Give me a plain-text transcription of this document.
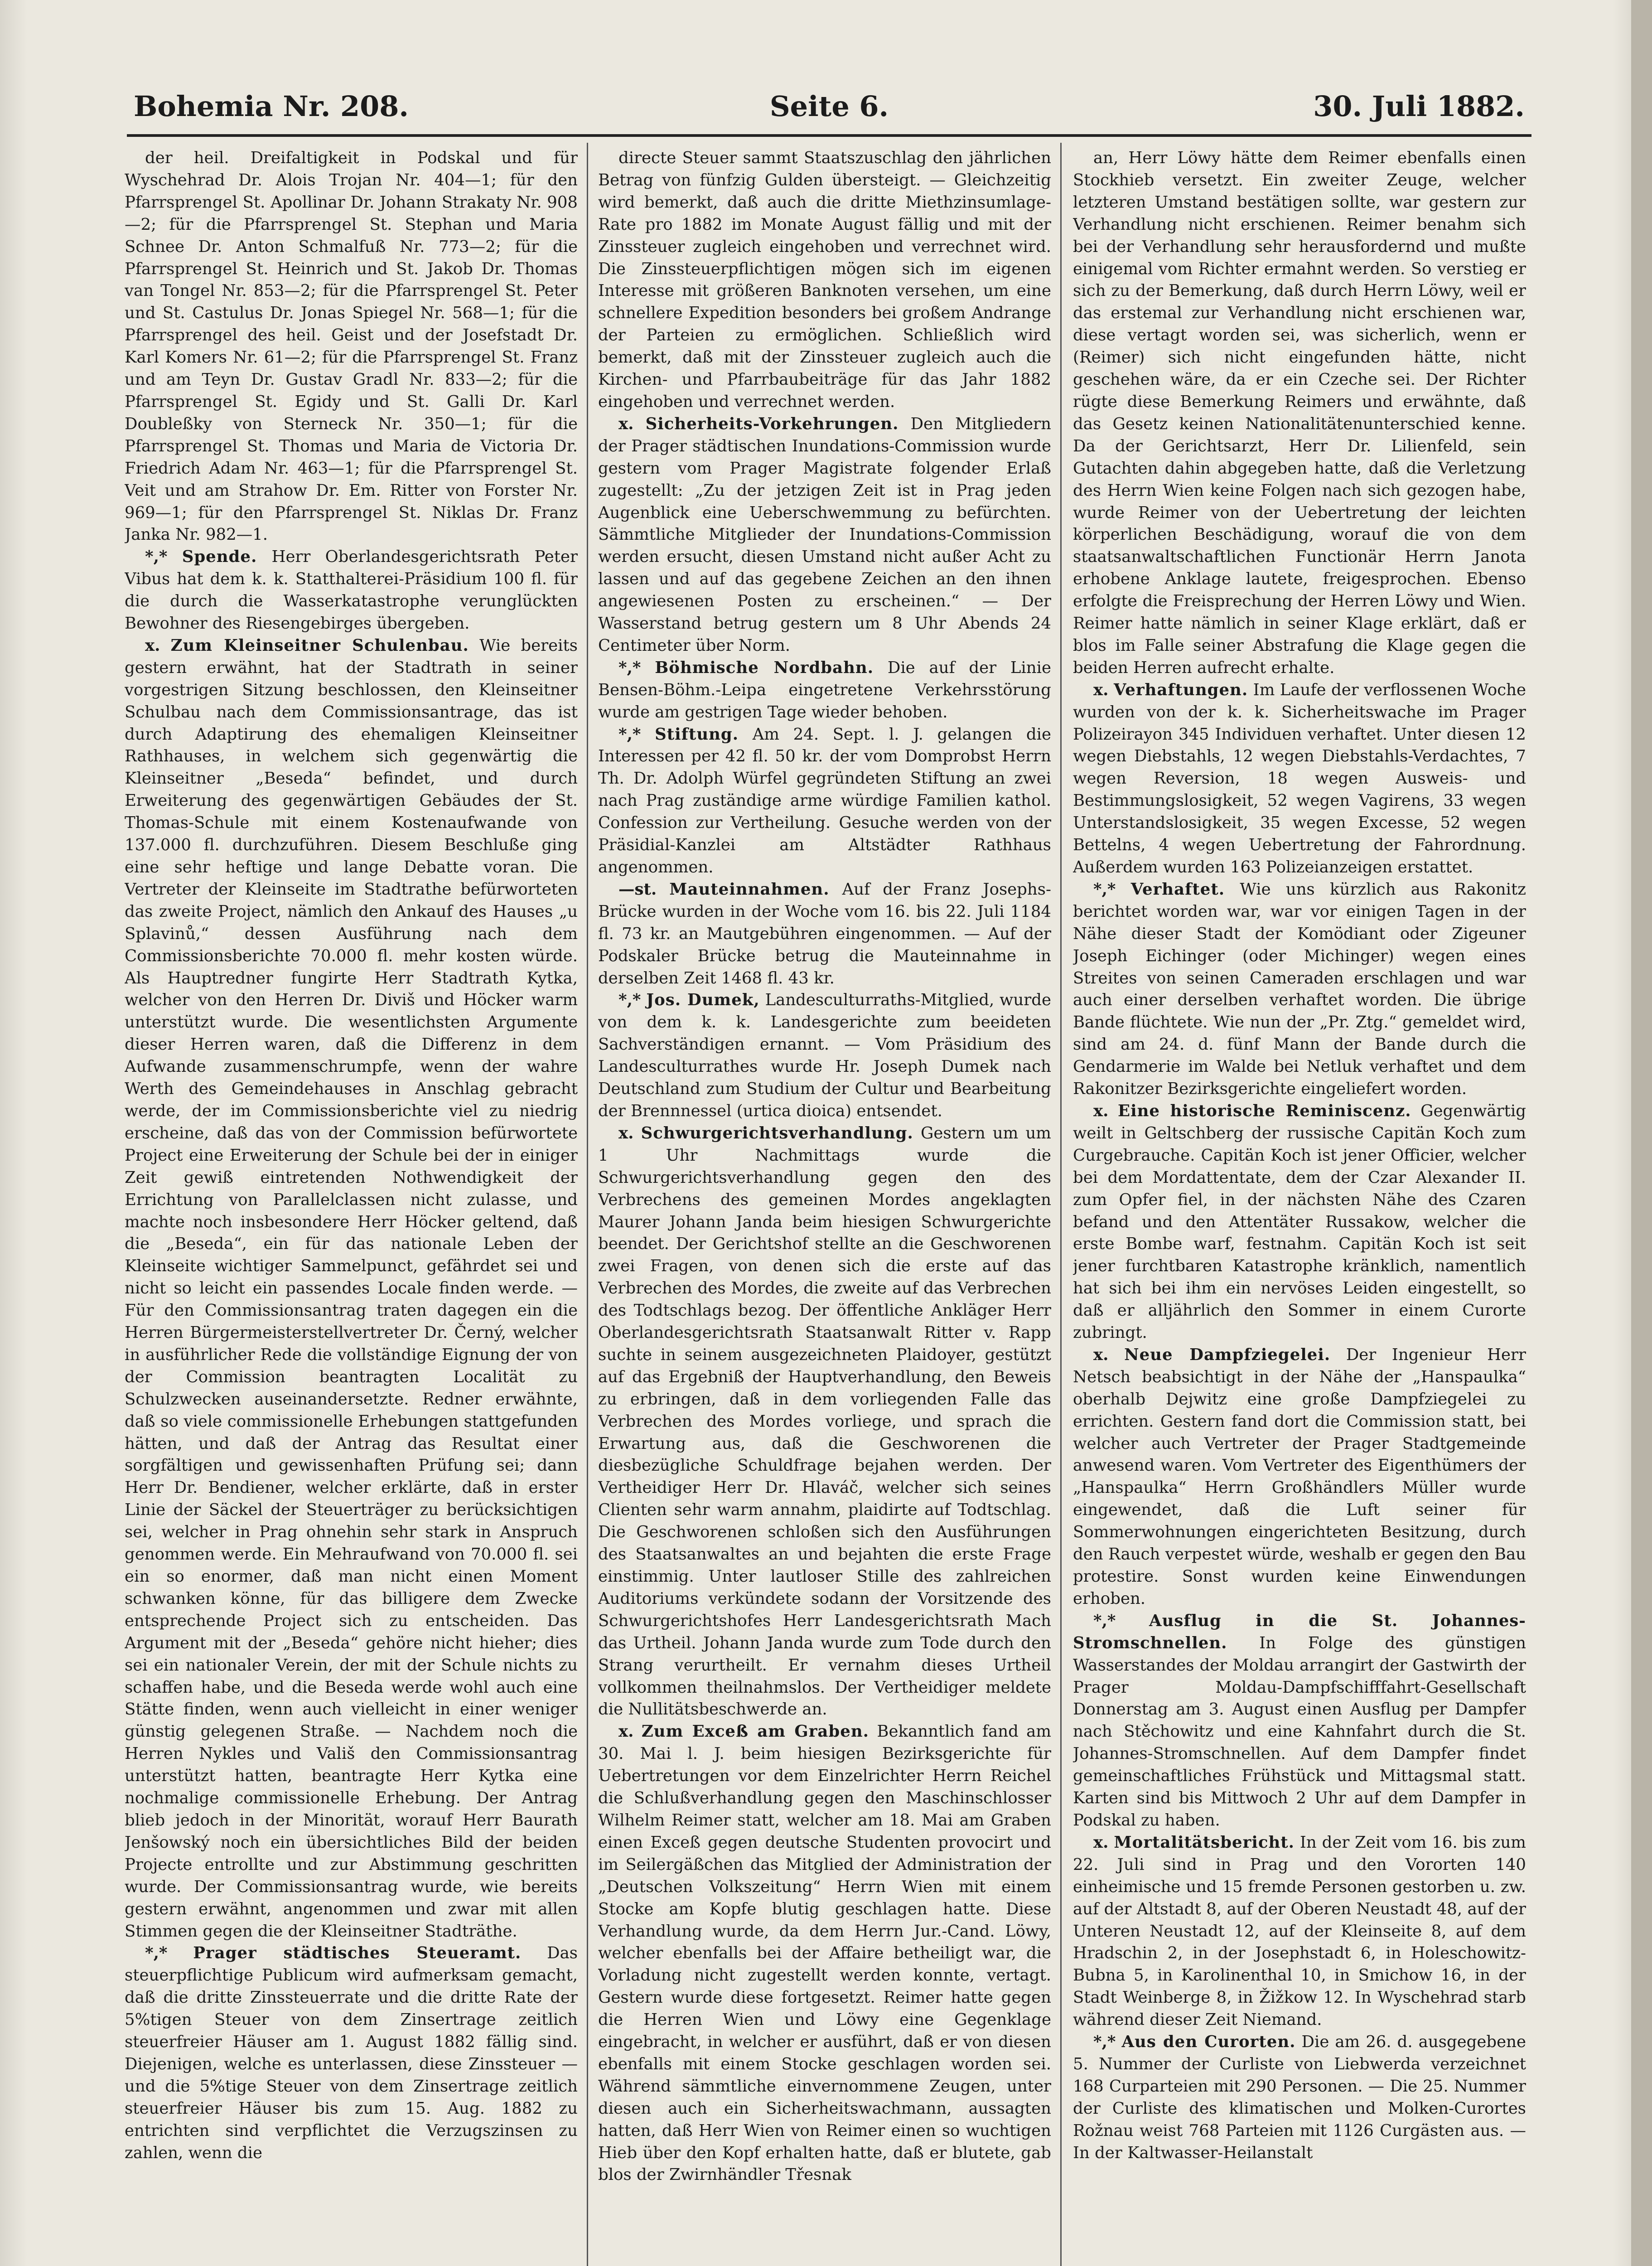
Bohemia Nr. 208.	Seite 6.	30. Juli 1882.

der heil. Dreifaltigkeit in Podskal und für Wyschehrad Dr. Alois Trojan Nr. 404—1; für den Pfarrsprengel St. Apollinar Dr. Johann Strakaty Nr. 908—2; für die Pfarrsprengel St. Stephan und Maria Schnee Dr. Anton Schmalfuß Nr. 773—2; für die Pfarrsprengel St. Heinrich und St. Jakob Dr. Thomas van Tongel Nr. 853—2; für die Pfarrsprengel St. Peter und St. Castulus Dr. Jonas Spiegel Nr. 568—1; für die Pfarrsprengel des heil. Geist und der Josefstadt Dr. Karl Komers Nr. 61—2; für die Pfarrsprengel St. Franz und am Teyn Dr. Gustav Gradl Nr. 833—2; für die Pfarrsprengel St. Egidy und St. Galli Dr. Karl Doubleßky von Sterneck Nr. 350—1; für die Pfarrsprengel St. Thomas und Maria de Victoria Dr. Friedrich Adam Nr. 463—1; für die Pfarrsprengel St. Veit und am Strahow Dr. Em. Ritter von Forster Nr. 969—1; für den Pfarrsprengel St. Niklas Dr. Franz Janka Nr. 982—1.

*,* Spende. Herr Oberlandesgerichtsrath Peter Vibus hat dem k. k. Statthalterei-Präsidium 100 fl. für die durch die Wasserkatastrophe verunglückten Bewohner des Riesengebirges übergeben.

x. Zum Kleinseitner Schulenbau. Wie bereits gestern erwähnt, hat der Stadtrath in seiner vorgestrigen Sitzung beschlossen, den Kleinseitner Schulbau nach dem Commissionsantrage, das ist durch Adaptirung des ehemaligen Kleinseitner Rathhauses, in welchem sich gegenwärtig die Kleinseitner „Beseda“ befindet, und durch Erweiterung des gegenwärtigen Gebäudes der St. Thomas-Schule mit einem Kostenaufwande von 137.000 fl. durchzuführen. Diesem Beschluße ging eine sehr heftige und lange Debatte voran. Die Vertreter der Kleinseite im Stadtrathe befürworteten das zweite Project, nämlich den Ankauf des Hauses „u Splavinů,“ dessen Ausführung nach dem Commissionsberichte 70.000 fl. mehr kosten würde. Als Hauptredner fungirte Herr Stadtrath Kytka, welcher von den Herren Dr. Diviš und Höcker warm unterstützt wurde. Die wesentlichsten Argumente dieser Herren waren, daß die Differenz in dem Aufwande zusammenschrumpfe, wenn der wahre Werth des Gemeindehauses in Anschlag gebracht werde, der im Commissionsberichte viel zu niedrig erscheine, daß das von der Commission befürwortete Project eine Erweiterung der Schule bei der in einiger Zeit gewiß eintretenden Nothwendigkeit der Errichtung von Parallelclassen nicht zulasse, und machte noch insbesondere Herr Höcker geltend, daß die „Beseda“, ein für das nationale Leben der Kleinseite wichtiger Sammelpunct, gefährdet sei und nicht so leicht ein passendes Locale finden werde. — Für den Commissionsantrag traten dagegen ein die Herren Bürgermeisterstellvertreter Dr. Černý, welcher in ausführlicher Rede die vollständige Eignung der von der Commission beantragten Localität zu Schulzwecken auseinandersetzte. Redner erwähnte, daß so viele commissionelle Erhebungen stattgefunden hätten, und daß der Antrag das Resultat einer sorgfältigen und gewissenhaften Prüfung sei; dann Herr Dr. Bendiener, welcher erklärte, daß in erster Linie der Säckel der Steuerträger zu berücksichtigen sei, welcher in Prag ohnehin sehr stark in Anspruch genommen werde. Ein Mehraufwand von 70.000 fl. sei ein so enormer, daß man nicht einen Moment schwanken könne, für das billigere dem Zwecke entsprechende Project sich zu entscheiden. Das Argument mit der „Beseda“ gehöre nicht hieher; dies sei ein nationaler Verein, der mit der Schule nichts zu schaffen habe, und die Beseda werde wohl auch eine Stätte finden, wenn auch vielleicht in einer weniger günstig gelegenen Straße. — Nachdem noch die Herren Nykles und Vališ den Commissionsantrag unterstützt hatten, beantragte Herr Kytka eine nochmalige commissionelle Erhebung. Der Antrag blieb jedoch in der Minorität, worauf Herr Baurath Jenšowský noch ein übersichtliches Bild der beiden Projecte entrollte und zur Abstimmung geschritten wurde. Der Commissionsantrag wurde, wie bereits gestern erwähnt, angenommen und zwar mit allen Stimmen gegen die der Kleinseitner Stadträthe.

*,* Prager städtisches Steueramt. Das steuerpflichtige Publicum wird aufmerksam gemacht, daß die dritte Zinssteuerrate und die dritte Rate der 5%tigen Steuer von dem Zinsertrage zeitlich steuerfreier Häuser am 1. August 1882 fällig sind. Diejenigen, welche es unterlassen, diese Zinssteuer — und die 5%tige Steuer von dem Zinsertrage zeitlich steuerfreier Häuser bis zum 15. Aug. 1882 zu entrichten sind verpflichtet die Verzugszinsen zu zahlen, wenn die

directe Steuer sammt Staatszuschlag den jährlichen Betrag von fünfzig Gulden übersteigt. — Gleichzeitig wird bemerkt, daß auch die dritte Miethzinsumlage-Rate pro 1882 im Monate August fällig und mit der Zinssteuer zugleich eingehoben und verrechnet wird. Die Zinssteuerpflichtigen mögen sich im eigenen Interesse mit größeren Banknoten versehen, um eine schnellere Expedition besonders bei großem Andrange der Parteien zu ermöglichen. Schließlich wird bemerkt, daß mit der Zinssteuer zugleich auch die Kirchen- und Pfarrbaubeiträge für das Jahr 1882 eingehoben und verrechnet werden.

x. Sicherheits-Vorkehrungen. Den Mitgliedern der Prager städtischen Inundations-Commission wurde gestern vom Prager Magistrate folgender Erlaß zugestellt: „Zu der jetzigen Zeit ist in Prag jeden Augenblick eine Ueberschwemmung zu befürchten. Sämmtliche Mitglieder der Inundations-Commission werden ersucht, diesen Umstand nicht außer Acht zu lassen und auf das gegebene Zeichen an den ihnen angewiesenen Posten zu erscheinen.“ — Der Wasserstand betrug gestern um 8 Uhr Abends 24 Centimeter über Norm.

*,* Böhmische Nordbahn. Die auf der Linie Bensen-Böhm.-Leipa eingetretene Verkehrsstörung wurde am gestrigen Tage wieder behoben.

*,* Stiftung. Am 24. Sept. l. J. gelangen die Interessen per 42 fl. 50 kr. der vom Domprobst Herrn Th. Dr. Adolph Würfel gegründeten Stiftung an zwei nach Prag zuständige arme würdige Familien kathol. Confession zur Vertheilung. Gesuche werden von der Präsidial-Kanzlei am Altstädter Rathhaus angenommen.

—st. Mauteinnahmen. Auf der Franz Josephs-Brücke wurden in der Woche vom 16. bis 22. Juli 1184 fl. 73 kr. an Mautgebühren eingenommen. — Auf der Podskaler Brücke betrug die Mauteinnahme in derselben Zeit 1468 fl. 43 kr.

*,* Jos. Dumek, Landesculturraths-Mitglied, wurde von dem k. k. Landesgerichte zum beeideten Sachverständigen ernannt. — Vom Präsidium des Landesculturrathes wurde Hr. Joseph Dumek nach Deutschland zum Studium der Cultur und Bearbeitung der Brennnessel (urtica dioica) entsendet.

x. Schwurgerichtsverhandlung. Gestern um um 1 Uhr Nachmittags wurde die Schwurgerichtsverhandlung gegen den des Verbrechens des gemeinen Mordes angeklagten Maurer Johann Janda beim hiesigen Schwurgerichte beendet. Der Gerichtshof stellte an die Geschworenen zwei Fragen, von denen sich die erste auf das Verbrechen des Mordes, die zweite auf das Verbrechen des Todtschlags bezog. Der öffentliche Ankläger Herr Oberlandesgerichtsrath Staatsanwalt Ritter v. Rapp suchte in seinem ausgezeichneten Plaidoyer, gestützt auf das Ergebniß der Hauptverhandlung, den Beweis zu erbringen, daß in dem vorliegenden Falle das Verbrechen des Mordes vorliege, und sprach die Erwartung aus, daß die Geschworenen die diesbezügliche Schuldfrage bejahen werden. Der Vertheidiger Herr Dr. Hlaváč, welcher sich seines Clienten sehr warm annahm, plaidirte auf Todtschlag. Die Geschworenen schloßen sich den Ausführungen des Staatsanwaltes an und bejahten die erste Frage einstimmig. Unter lautloser Stille des zahlreichen Auditoriums verkündete sodann der Vorsitzende des Schwurgerichtshofes Herr Landesgerichtsrath Mach das Urtheil. Johann Janda wurde zum Tode durch den Strang verurtheilt. Er vernahm dieses Urtheil vollkommen theilnahmslos. Der Vertheidiger meldete die Nullitätsbeschwerde an.

x. Zum Exceß am Graben. Bekanntlich fand am 30. Mai l. J. beim hiesigen Bezirksgerichte für Uebertretungen vor dem Einzelrichter Herrn Reichel die Schlußverhandlung gegen den Maschinschlosser Wilhelm Reimer statt, welcher am 18. Mai am Graben einen Exceß gegen deutsche Studenten provocirt und im Seilergäßchen das Mitglied der Administration der „Deutschen Volkszeitung“ Herrn Wien mit einem Stocke am Kopfe blutig geschlagen hatte. Diese Verhandlung wurde, da dem Herrn Jur.-Cand. Löwy, welcher ebenfalls bei der Affaire betheiligt war, die Vorladung nicht zugestellt werden konnte, vertagt. Gestern wurde diese fortgesetzt. Reimer hatte gegen die Herren Wien und Löwy eine Gegenklage eingebracht, in welcher er ausführt, daß er von diesen ebenfalls mit einem Stocke geschlagen worden sei. Während sämmtliche einvernommene Zeugen, unter diesen auch ein Sicherheitswachmann, aussagten hatten, daß Herr Wien von Reimer einen so wuchtigen Hieb über den Kopf erhalten hatte, daß er blutete, gab blos der Zwirnhändler Třesnak

an, Herr Löwy hätte dem Reimer ebenfalls einen Stockhieb versetzt. Ein zweiter Zeuge, welcher letzteren Umstand bestätigen sollte, war gestern zur Verhandlung nicht erschienen. Reimer benahm sich bei der Verhandlung sehr herausfordernd und mußte einigemal vom Richter ermahnt werden. So verstieg er sich zu der Bemerkung, daß durch Herrn Löwy, weil er das erstemal zur Verhandlung nicht erschienen war, diese vertagt worden sei, was sicherlich, wenn er (Reimer) sich nicht eingefunden hätte, nicht geschehen wäre, da er ein Czeche sei. Der Richter rügte diese Bemerkung Reimers und erwähnte, daß das Gesetz keinen Nationalitätenunterschied kenne. Da der Gerichtsarzt, Herr Dr. Lilienfeld, sein Gutachten dahin abgegeben hatte, daß die Verletzung des Herrn Wien keine Folgen nach sich gezogen habe, wurde Reimer von der Uebertretung der leichten körperlichen Beschädigung, worauf die von dem staatsanwaltschaftlichen Functionär Herrn Janota erhobene Anklage lautete, freigesprochen. Ebenso erfolgte die Freisprechung der Herren Löwy und Wien. Reimer hatte nämlich in seiner Klage erklärt, daß er blos im Falle seiner Abstrafung die Klage gegen die beiden Herren aufrecht erhalte.

x. Verhaftungen. Im Laufe der verflossenen Woche wurden von der k. k. Sicherheitswache im Prager Polizeirayon 345 Individuen verhaftet. Unter diesen 12 wegen Diebstahls, 12 wegen Diebstahls-Verdachtes, 7 wegen Reversion, 18 wegen Ausweis- und Bestimmungslosigkeit, 52 wegen Vagirens, 33 wegen Unterstandslosigkeit, 35 wegen Excesse, 52 wegen Bettelns, 4 wegen Uebertretung der Fahrordnung. Außerdem wurden 163 Polizeianzeigen erstattet.

*,* Verhaftet. Wie uns kürzlich aus Rakonitz berichtet worden war, war vor einigen Tagen in der Nähe dieser Stadt der Komödiant oder Zigeuner Joseph Eichinger (oder Michinger) wegen eines Streites von seinen Cameraden erschlagen und war auch einer derselben verhaftet worden. Die übrige Bande flüchtete. Wie nun der „Pr. Ztg.“ gemeldet wird, sind am 24. d. fünf Mann der Bande durch die Gendarmerie im Walde bei Netluk verhaftet und dem Rakonitzer Bezirksgerichte eingeliefert worden.

x. Eine historische Reminiscenz. Gegenwärtig weilt in Geltschberg der russische Capitän Koch zum Curgebrauche. Capitän Koch ist jener Officier, welcher bei dem Mordattentate, dem der Czar Alexander II. zum Opfer fiel, in der nächsten Nähe des Czaren befand und den Attentäter Russakow, welcher die erste Bombe warf, festnahm. Capitän Koch ist seit jener furchtbaren Katastrophe kränklich, namentlich hat sich bei ihm ein nervöses Leiden eingestellt, so daß er alljährlich den Sommer in einem Curorte zubringt.

x. Neue Dampfziegelei. Der Ingenieur Herr Netsch beabsichtigt in der Nähe der „Hanspaulka“ oberhalb Dejwitz eine große Dampfziegelei zu errichten. Gestern fand dort die Commission statt, bei welcher auch Vertreter der Prager Stadtgemeinde anwesend waren. Vom Vertreter des Eigenthümers der „Hanspaulka“ Herrn Großhändlers Müller wurde eingewendet, daß die Luft seiner für Sommerwohnungen eingerichteten Besitzung, durch den Rauch verpestet würde, weshalb er gegen den Bau protestire. Sonst wurden keine Einwendungen erhoben.

*,* Ausflug in die St. Johannes-Stromschnellen. In Folge des günstigen Wasserstandes der Moldau arrangirt der Gastwirth der Prager Moldau-Dampfschifffahrt-Gesellschaft Donnerstag am 3. August einen Ausflug per Dampfer nach Stěchowitz und eine Kahnfahrt durch die St. Johannes-Stromschnellen. Auf dem Dampfer findet gemeinschaftliches Frühstück und Mittagsmal statt. Karten sind bis Mittwoch 2 Uhr auf dem Dampfer in Podskal zu haben.

x. Mortalitätsbericht. In der Zeit vom 16. bis zum 22. Juli sind in Prag und den Vororten 140 einheimische und 15 fremde Personen gestorben u. zw. auf der Altstadt 8, auf der Oberen Neustadt 48, auf der Unteren Neustadt 12, auf der Kleinseite 8, auf dem Hradschin 2, in der Josephstadt 6, in Holeschowitz-Bubna 5, in Karolinenthal 10, in Smichow 16, in der Stadt Weinberge 8, in Žižkow 12. In Wyschehrad starb während dieser Zeit Niemand.

*,* Aus den Curorten. Die am 26. d. ausgegebene 5. Nummer der Curliste von Liebwerda verzeichnet 168 Curparteien mit 290 Personen. — Die 25. Nummer der Curliste des klimatischen und Molken-Curortes Rožnau weist 768 Parteien mit 1126 Curgästen aus. — In der Kaltwasser-Heilanstalt
